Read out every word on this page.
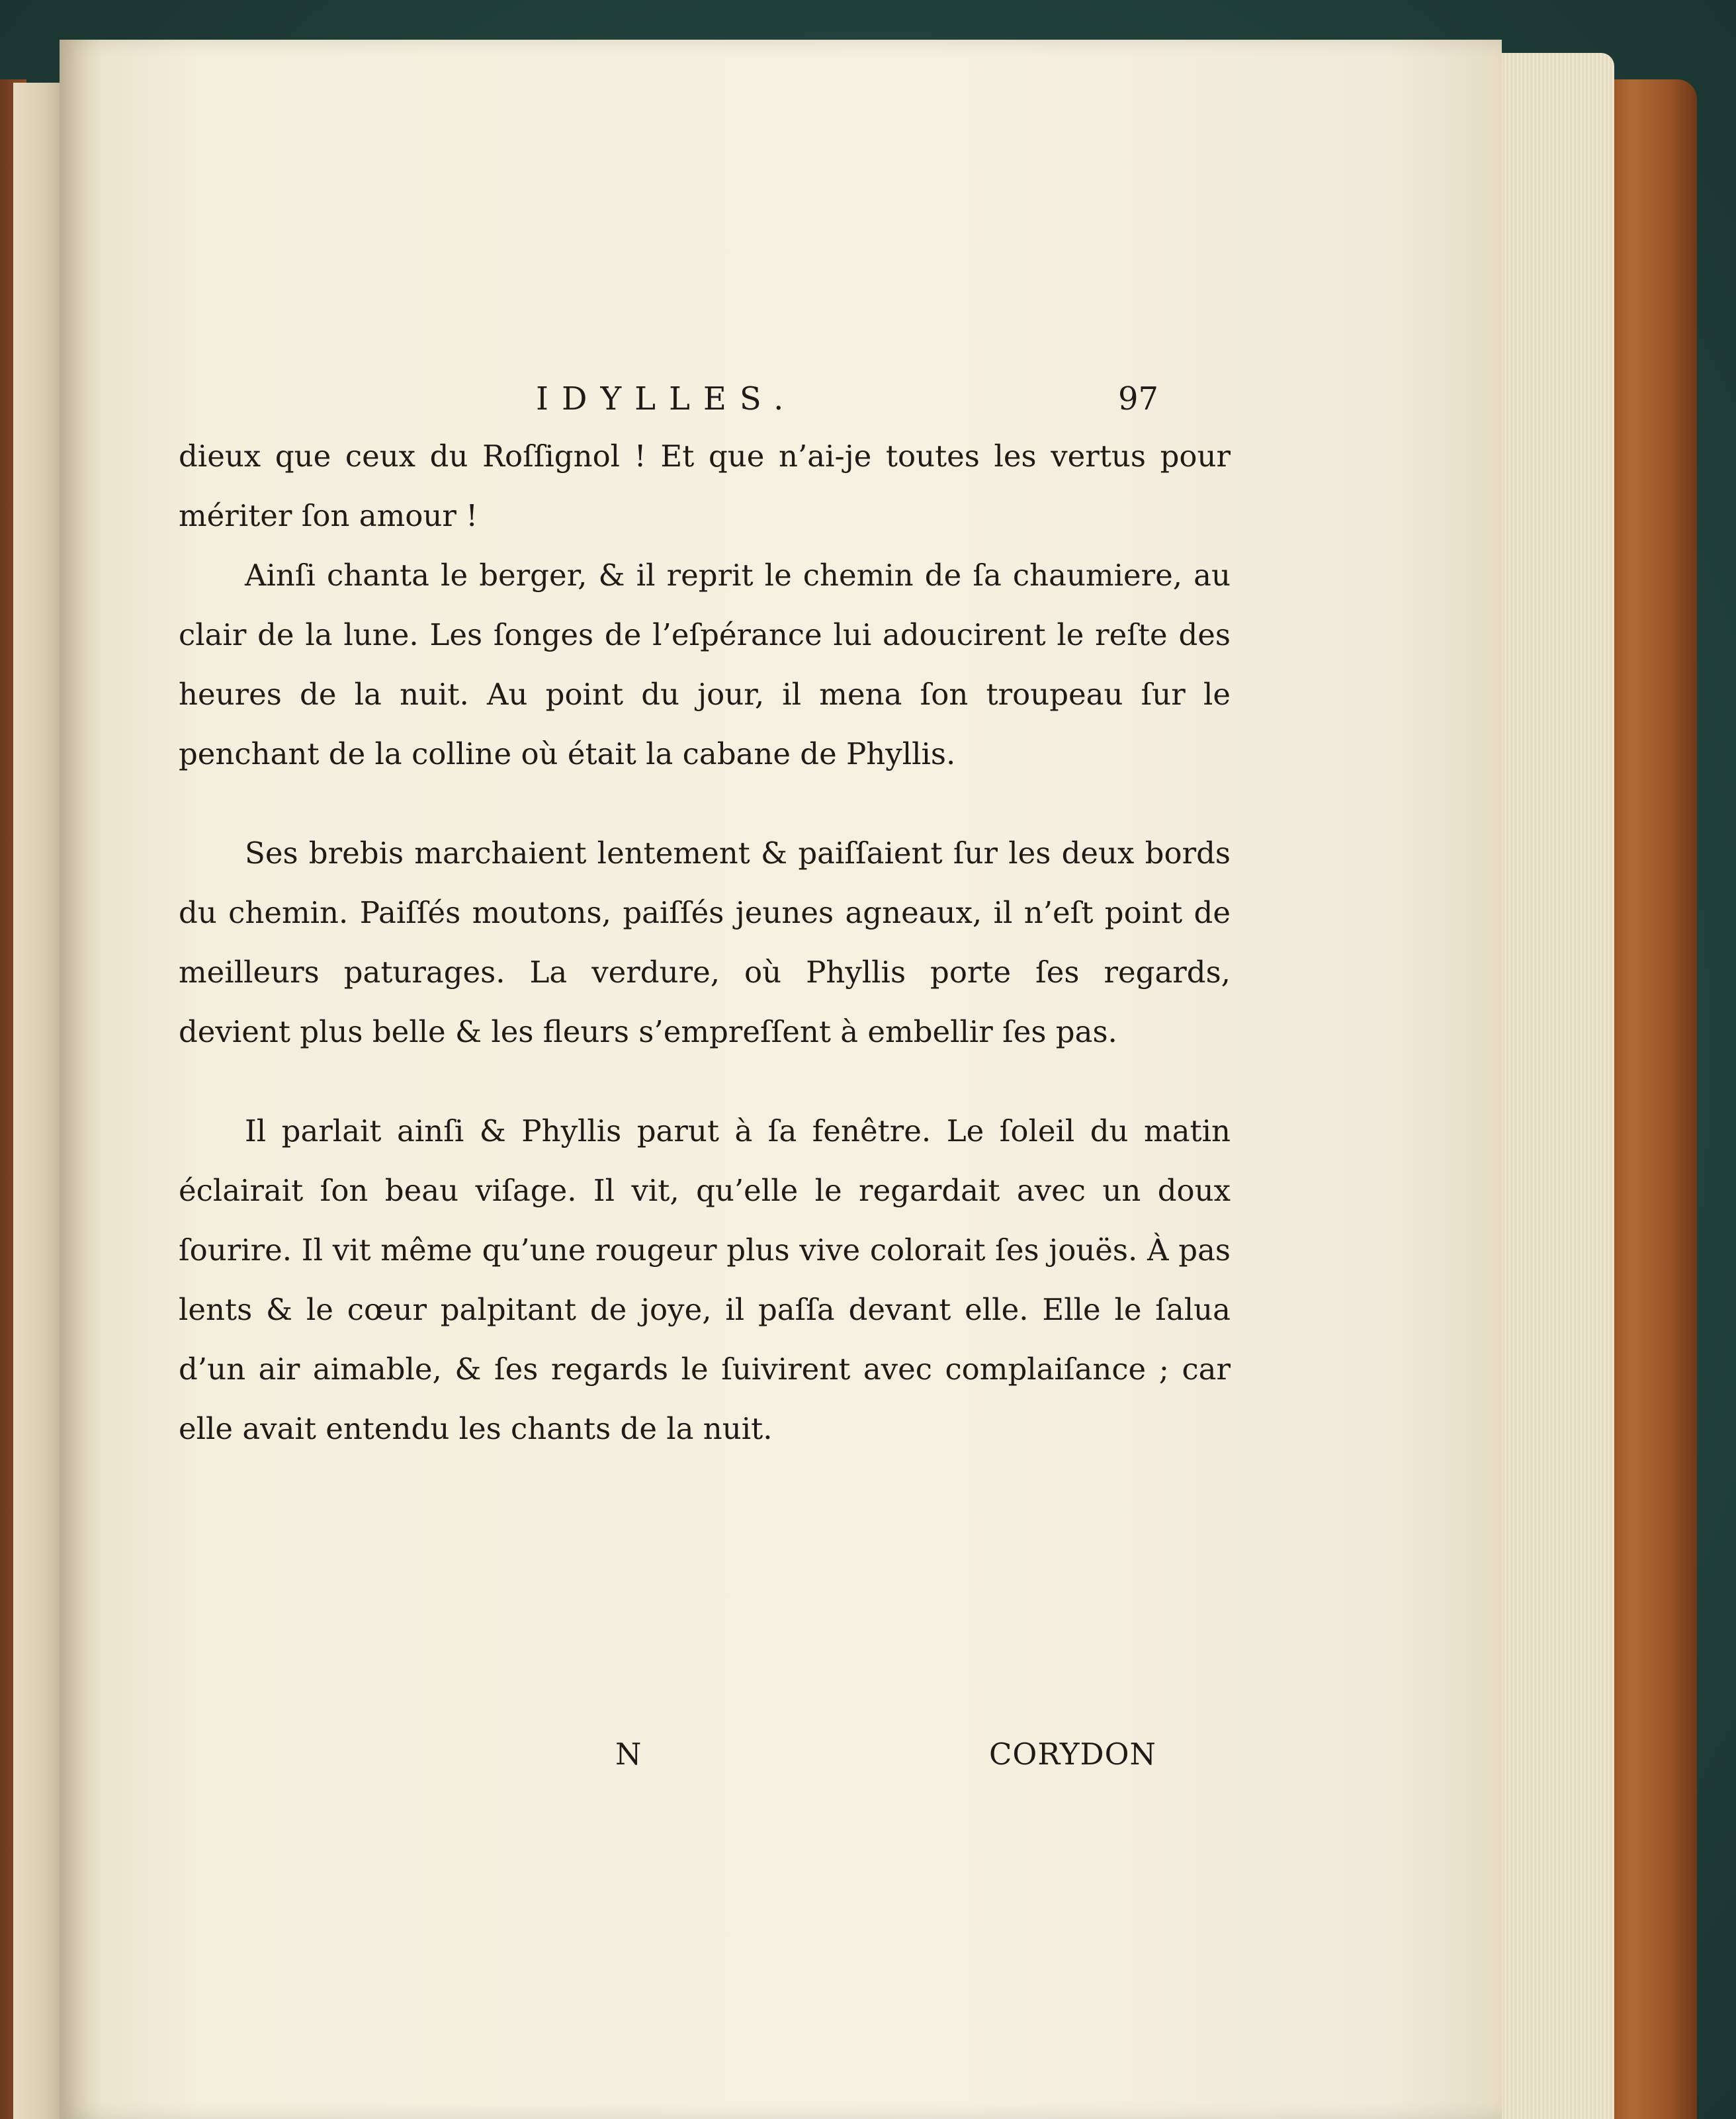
IDYLLES.	97

dieux que ceux du Roſſignol ! Et que n’ai-je toutes les vertus pour mériter ſon amour !

Ainſi chanta le berger, & il reprit le chemin de ſa chaumiere, au clair de la lune. Les ſonges de l’eſpérance lui adoucirent le reſte des heures de la nuit. Au point du jour, il mena ſon troupeau ſur le penchant de la colline où était la cabane de Phyllis.

Ses brebis marchaient lentement & paiſſaient ſur les deux bords du chemin. Paiſſés moutons, paiſſés jeunes agneaux, il n’eſt point de meilleurs paturages. La verdure, où Phyllis porte ſes regards, devient plus belle & les fleurs s’empreſſent à embellir ſes pas.

Il parlait ainſi & Phyllis parut à ſa fenêtre. Le ſoleil du matin éclairait ſon beau viſage. Il vit, qu’elle le regardait avec un doux ſourire. Il vit même qu’une rougeur plus vive colorait ſes jouës. À pas lents & le cœur palpitant de joye, il paſſa devant elle. Elle le ſalua d’un air aimable, & ſes regards le ſuivirent avec complaiſance ; car elle avait entendu les chants de la nuit.

N	CORYDON
